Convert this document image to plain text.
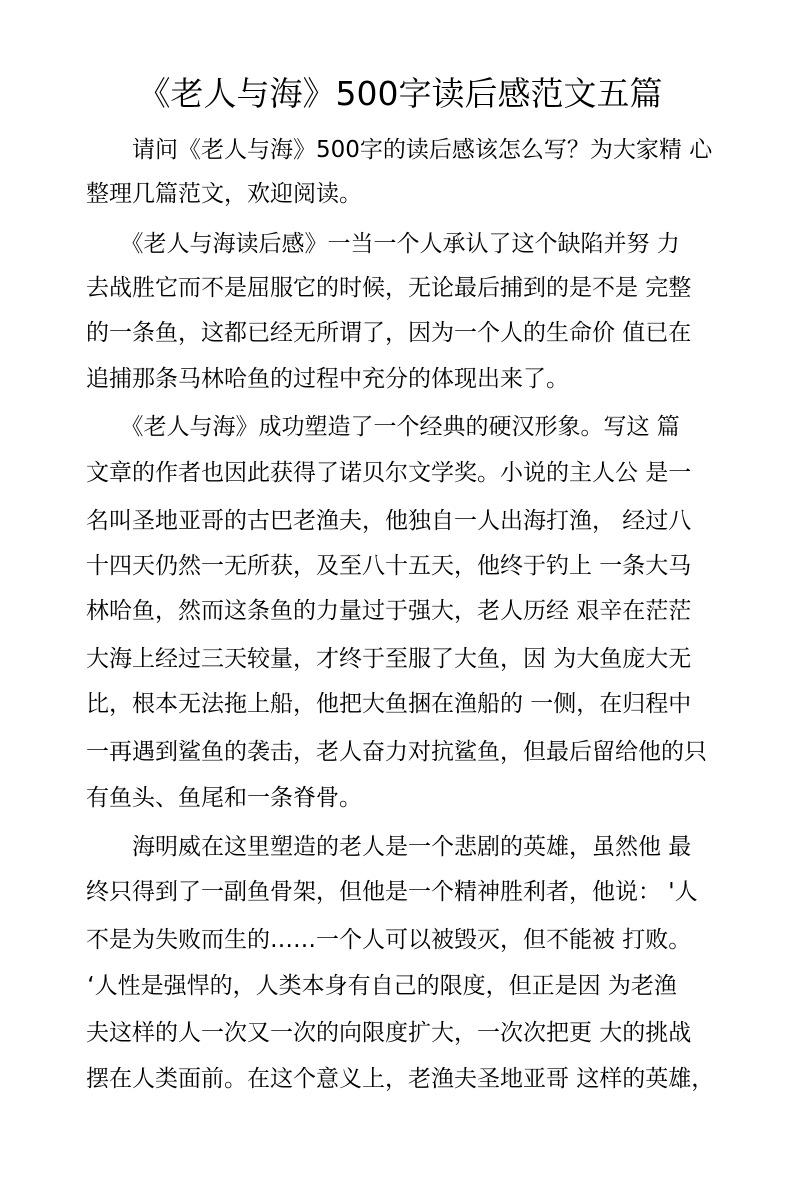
《老人与海》500字读后感范文五篇

　　请问《老人与海》500字的读后感该怎么写？为大家精 心

整理几篇范文，欢迎阅读。

　　《老人与海读后感》一当一个人承认了这个缺陷并努 力

去战胜它而不是屈服它的时候，无论最后捕到的是不是 完整

的一条鱼，这都已经无所谓了，因为一个人的生命价 值已在

追捕那条马林哈鱼的过程中充分的体现出来了。

　　《老人与海》成功塑造了一个经典的硬汉形象。写这 篇

文章的作者也因此获得了诺贝尔文学奖。小说的主人公 是一

名叫圣地亚哥的古巴老渔夫，他独自一人出海打渔， 经过八

十四天仍然一无所获，及至八十五天，他终于钓上 一条大马

林哈鱼，然而这条鱼的力量过于强大，老人历经 艰辛在茫茫

大海上经过三天较量，才终于至服了大鱼，因 为大鱼庞大无

比，根本无法拖上船，他把大鱼捆在渔船的 一侧，在归程中

一再遇到鲨鱼的袭击，老人奋力对抗鲨鱼，但最后留给他的只

有鱼头、鱼尾和一条脊骨。

　　海明威在这里塑造的老人是一个悲剧的英雄，虽然他 最

终只得到了一副鱼骨架，但他是一个精神胜利者，他说： '人

不是为失败而生的……一个人可以被毁灭，但不能被 打败。

‘人性是强悍的，人类本身有自己的限度，但正是因 为老渔

夫这样的人一次又一次的向限度扩大，一次次把更 大的挑战

摆在人类面前。在这个意义上，老渔夫圣地亚哥 这样的英雄，
